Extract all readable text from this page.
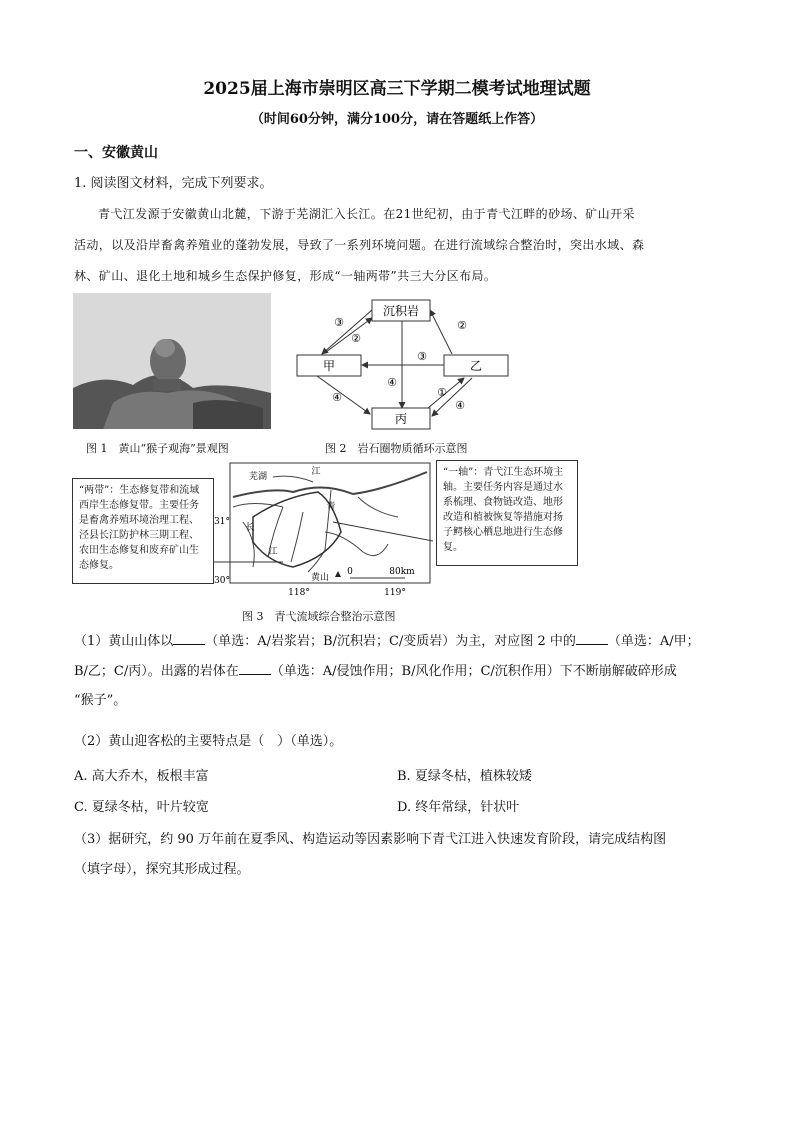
2025届上海市崇明区高三下学期二模考试地理试题
（时间60分钟，满分100分，请在答题纸上作答）
一、安徽黄山
1. 阅读图文材料，完成下列要求。
青弋江发源于安徽黄山北麓，下游于芜湖汇入长江。在21世纪初，由于青弋江畔的砂场、矿山开采
活动，以及沿岸畜禽养殖业的蓬勃发展，导致了一系列环境问题。在进行流域综合整治时，突出水域、森
林、矿山、退化土地和城乡生态保护修复，形成“一轴两带”共三大分区布局。
沉积岩
甲	乙
丙
③
②
③
②
④
④	①
④
图 1　黄山“猴子观海”景观图	图 2　岩石圈物质循环示意图
“两带”：生态修复带和流域西岸生态修复带。主要任务是畜禽养殖环境治理工程、泾县长江防护林三期工程、农田生态修复和废弃矿山生态修复。
“一轴”：青弋江生态环境主轴。主要任务内容是通过水系梳理、食物链改造、地形改造和植被恢复等措施对扬子鳄核心栖息地进行生态修复。
江
长
江
黄山
芜湖
青
31°
30°
118°	119°
0	80km
图 3　青弋流域综合整治示意图
（1）黄山山体以 （单选：A/岩浆岩；B/沉积岩；C/变质岩）为主，对应图 2 中的 （单选：A/甲；
B/乙；C/丙）。出露的岩体在 （单选：A/侵蚀作用；B/风化作用；C/沉积作用）下不断崩解破碎形成
“猴子”。
（2）黄山迎客松的主要特点是（　）（单选）。
A. 高大乔木，板根丰富	B. 夏绿冬枯，植株较矮
C. 夏绿冬枯，叶片较宽	D. 终年常绿，针状叶
（3）据研究，约 90 万年前在夏季风、构造运动等因素影响下青弋江进入快速发育阶段，请完成结构图
（填字母），探究其形成过程。
